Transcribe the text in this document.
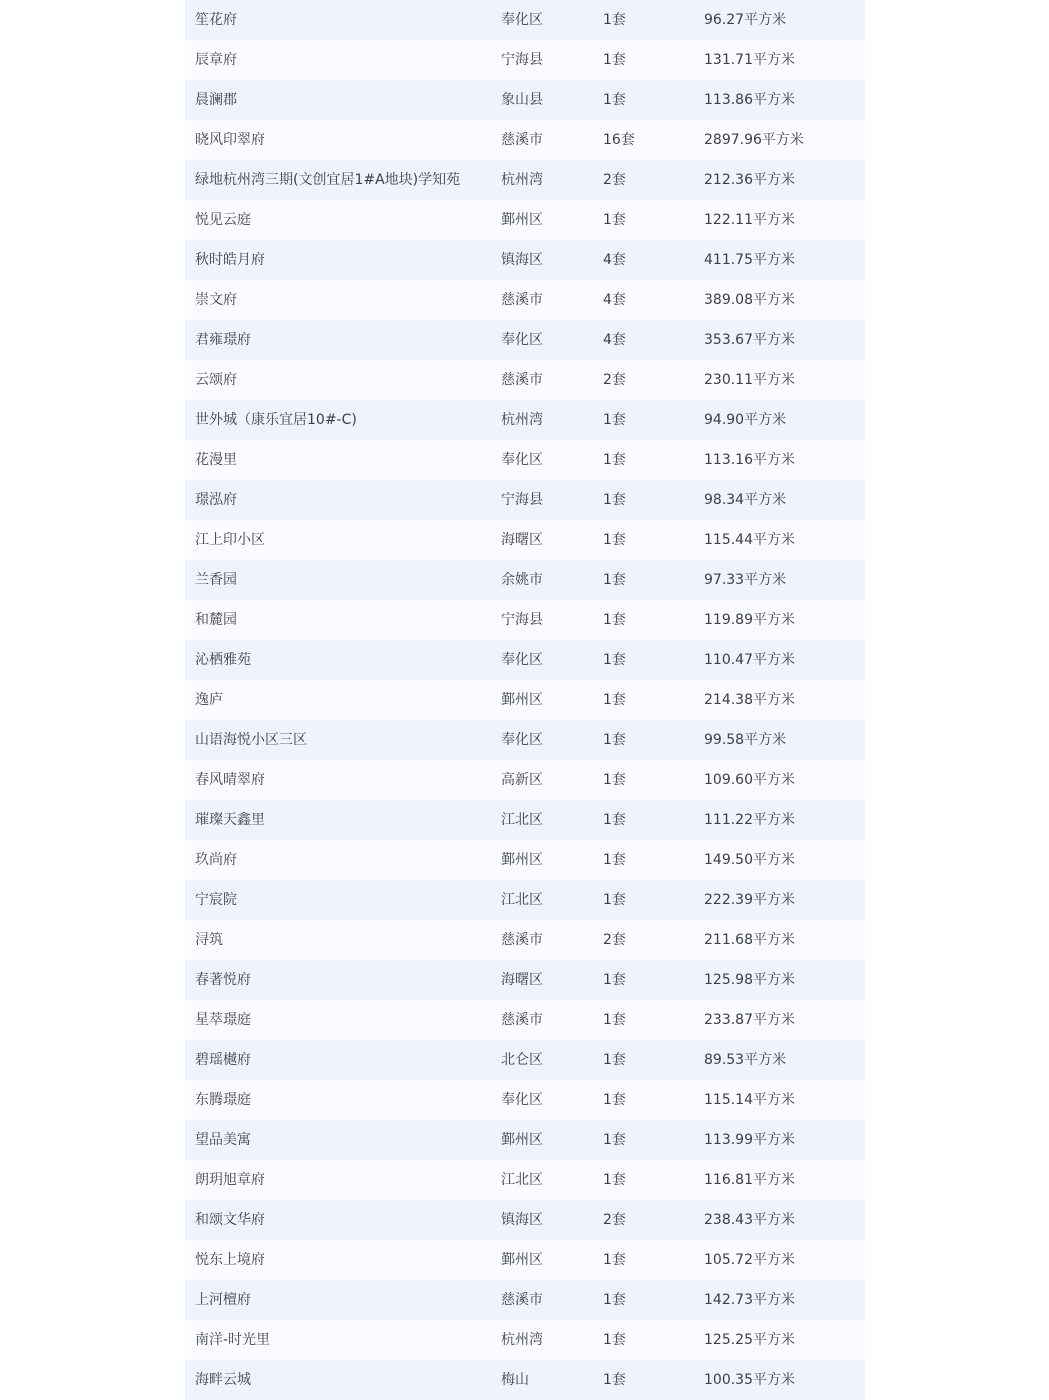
笙花府	奉化区	1套	96.27平方米
辰章府	宁海县	1套	131.71平方米
晨澜郡	象山县	1套	113.86平方米
晓风印翠府	慈溪市	16套	2897.96平方米
绿地杭州湾三期(文创宜居1#A地块)学知苑	杭州湾	2套	212.36平方米
悦见云庭	鄞州区	1套	122.11平方米
秋时皓月府	镇海区	4套	411.75平方米
崇文府	慈溪市	4套	389.08平方米
君雍璟府	奉化区	4套	353.67平方米
云颂府	慈溪市	2套	230.11平方米
世外城（康乐宜居10#-C)	杭州湾	1套	94.90平方米
花漫里	奉化区	1套	113.16平方米
璟泓府	宁海县	1套	98.34平方米
江上印小区	海曙区	1套	115.44平方米
兰香园	余姚市	1套	97.33平方米
和麓园	宁海县	1套	119.89平方米
沁栖雅苑	奉化区	1套	110.47平方米
逸庐	鄞州区	1套	214.38平方米
山语海悦小区三区	奉化区	1套	99.58平方米
春风晴翠府	高新区	1套	109.60平方米
璀璨天鑫里	江北区	1套	111.22平方米
玖尚府	鄞州区	1套	149.50平方米
宁宸院	江北区	1套	222.39平方米
浔筑	慈溪市	2套	211.68平方米
春著悦府	海曙区	1套	125.98平方米
星萃璟庭	慈溪市	1套	233.87平方米
碧瑶樾府	北仑区	1套	89.53平方米
东腾璟庭	奉化区	1套	115.14平方米
望品美寓	鄞州区	1套	113.99平方米
朗玥旭章府	江北区	1套	116.81平方米
和颂文华府	镇海区	2套	238.43平方米
悦东上境府	鄞州区	1套	105.72平方米
上河檀府	慈溪市	1套	142.73平方米
南洋-时光里	杭州湾	1套	125.25平方米
海畔云城	梅山	1套	100.35平方米
